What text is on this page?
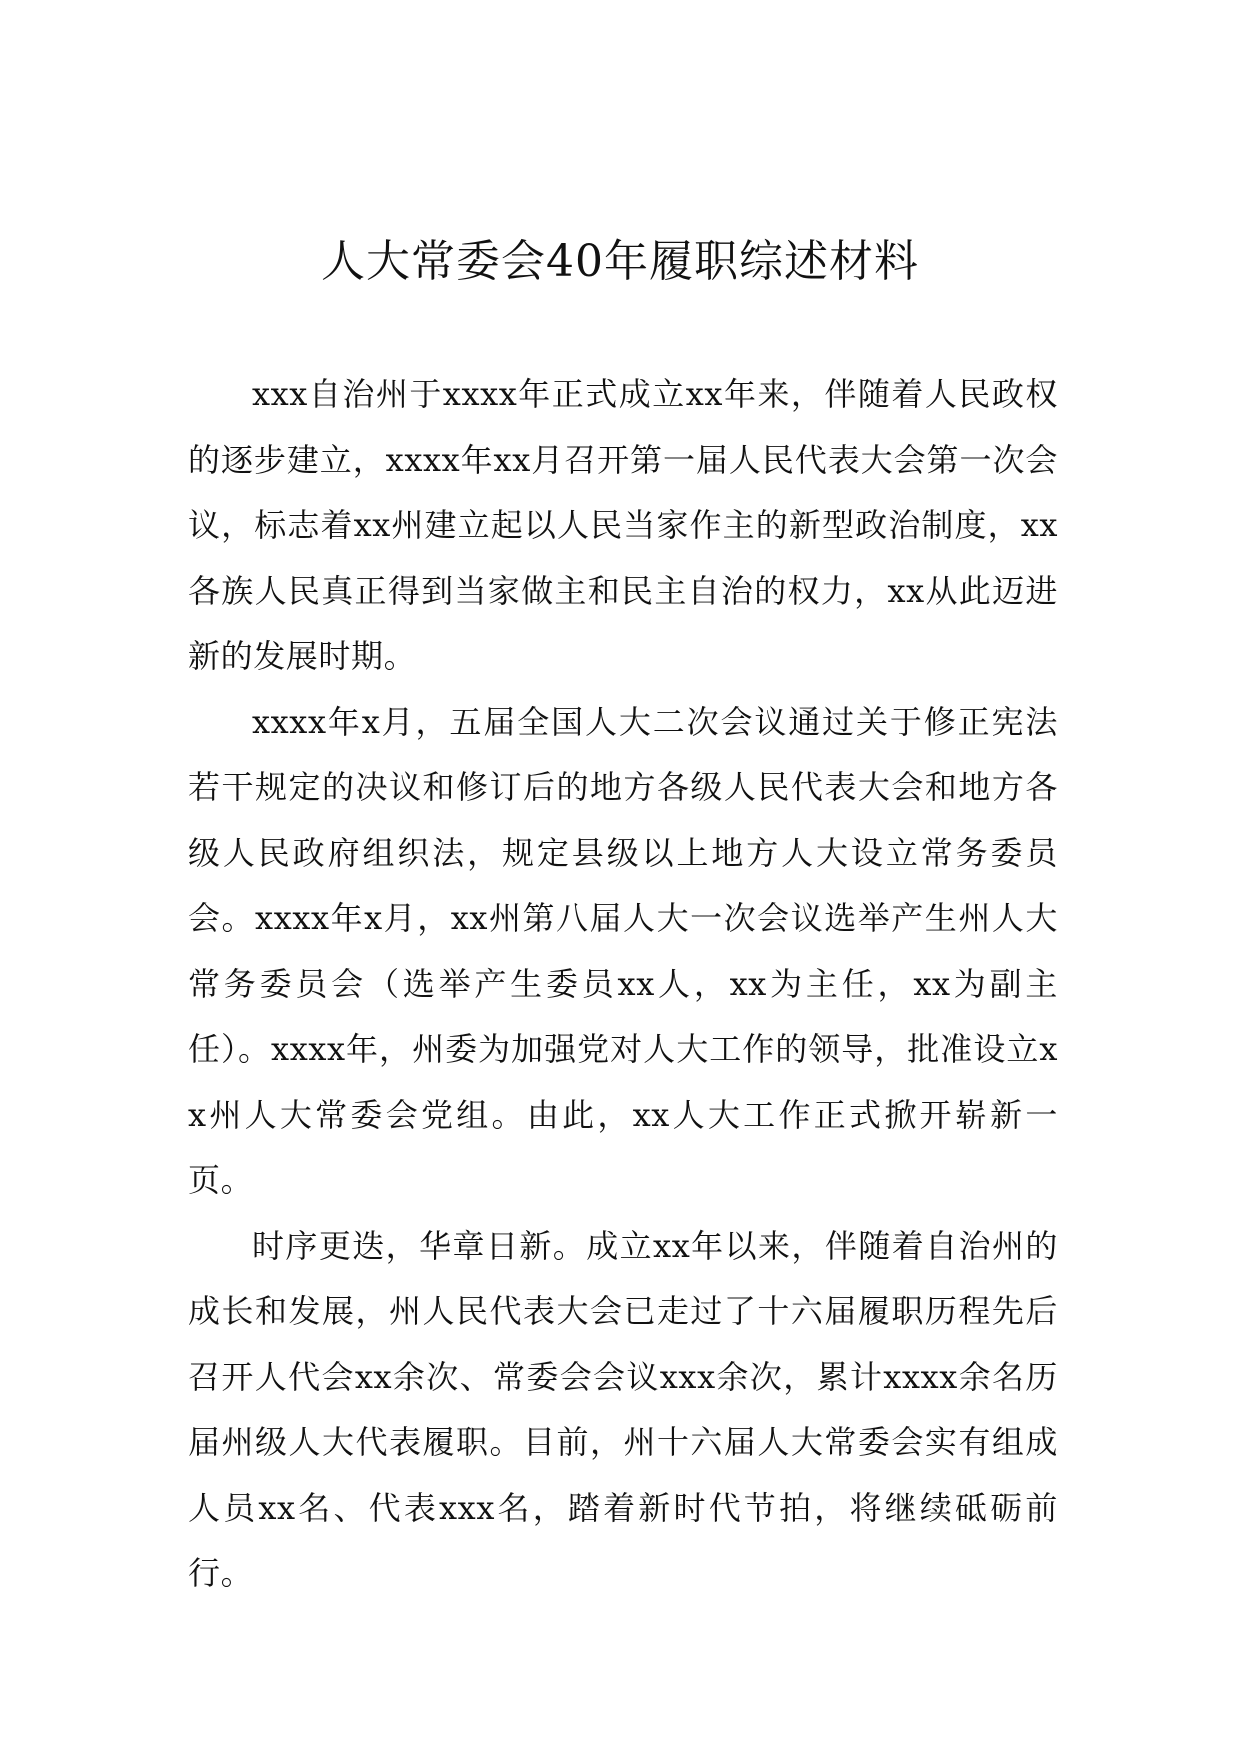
人大常委会40年履职综述材料

xxx自治州于xxxx年正式成立xx年来，伴随着人民政权的逐步建立，xxxx年xx月召开第一届人民代表大会第一次会议，标志着xx州建立起以人民当家作主的新型政治制度，xx各族人民真正得到当家做主和民主自治的权力，xx从此迈进新的发展时期。

xxxx年x月，五届全国人大二次会议通过关于修正宪法若干规定的决议和修订后的地方各级人民代表大会和地方各级人民政府组织法，规定县级以上地方人大设立常务委员会。xxxx年x月，xx州第八届人大一次会议选举产生州人大常务委员会（选举产生委员xx人，xx为主任，xx为副主任）。xxxx年，州委为加强党对人大工作的领导，批准设立xx州人大常委会党组。由此，xx人大工作正式掀开崭新一页。

时序更迭，华章日新。成立xx年以来，伴随着自治州的成长和发展，州人民代表大会已走过了十六届履职历程先后召开人代会xx余次、常委会会议xxx余次，累计xxxx余名历届州级人大代表履职。目前，州十六届人大常委会实有组成人员xx名、代表xxx名，踏着新时代节拍，将继续砥砺前行。
